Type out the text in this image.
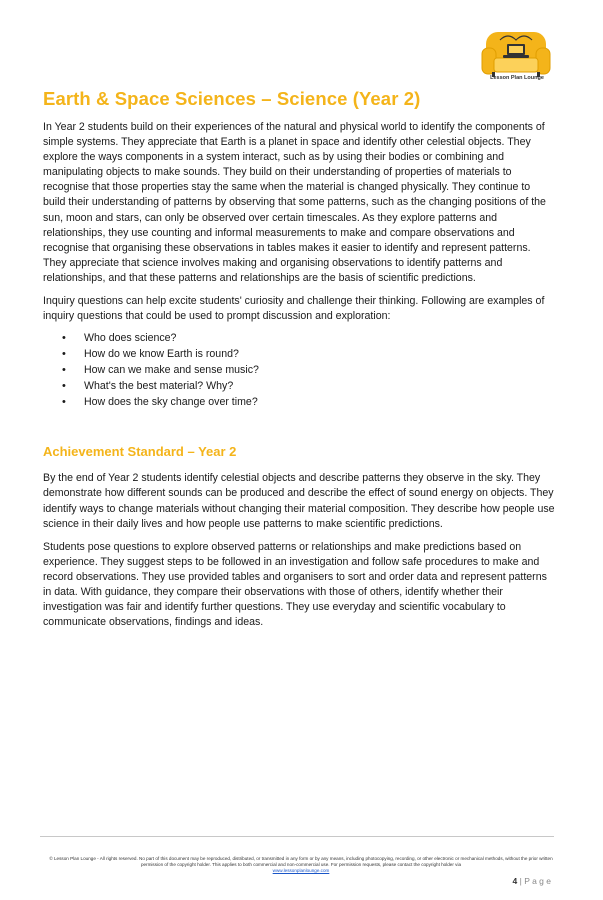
Lesson Plan Lounge
Earth & Space Sciences – Science (Year 2)

In Year 2 students build on their experiences of the natural and physical world to identify the components of simple systems. They appreciate that Earth is a planet in space and identify other celestial objects. They explore the ways components in a system interact, such as by using their bodies or combining and manipulating objects to make sounds. They build on their understanding of properties of materials to recognise that those properties stay the same when the material is changed physically. They continue to build their understanding of patterns by observing that some patterns, such as the changing positions of the sun, moon and stars, can only be observed over certain timescales. As they explore patterns and relationships, they use counting and informal measurements to make and compare observations and recognise that organising these observations in tables makes it easier to identify and represent patterns. They appreciate that science involves making and organising observations to identify patterns and relationships, and that these patterns and relationships are the basis of scientific predictions.

Inquiry questions can help excite students' curiosity and challenge their thinking. Following are examples of inquiry questions that could be used to prompt discussion and exploration:

• Who does science?
• How do we know Earth is round?
• How can we make and sense music?
• What's the best material? Why?
• How does the sky change over time?
Achievement Standard – Year 2

By the end of Year 2 students identify celestial objects and describe patterns they observe in the sky. They demonstrate how different sounds can be produced and describe the effect of sound energy on objects. They identify ways to change materials without changing their material composition. They describe how people use science in their daily lives and how people use patterns to make scientific predictions.

Students pose questions to explore observed patterns or relationships and make predictions based on experience. They suggest steps to be followed in an investigation and follow safe procedures to make and record observations. They use provided tables and organisers to sort and order data and represent patterns in data. With guidance, they compare their observations with those of others, identify whether their investigation was fair and identify further questions. They use everyday and scientific vocabulary to communicate observations, findings and ideas.

© Lesson Plan Lounge - All rights reserved. No part of this document may be reproduced, distributed, or transmitted in any form or by any means, including photocopying, recording, or other electronic or mechanical methods, without the prior written permission of the copyright holder. This applies to both commercial and non-commercial use. For permission requests, please contact the copyright holder via
www.lessonplanlounge.com
4 | P a g e
